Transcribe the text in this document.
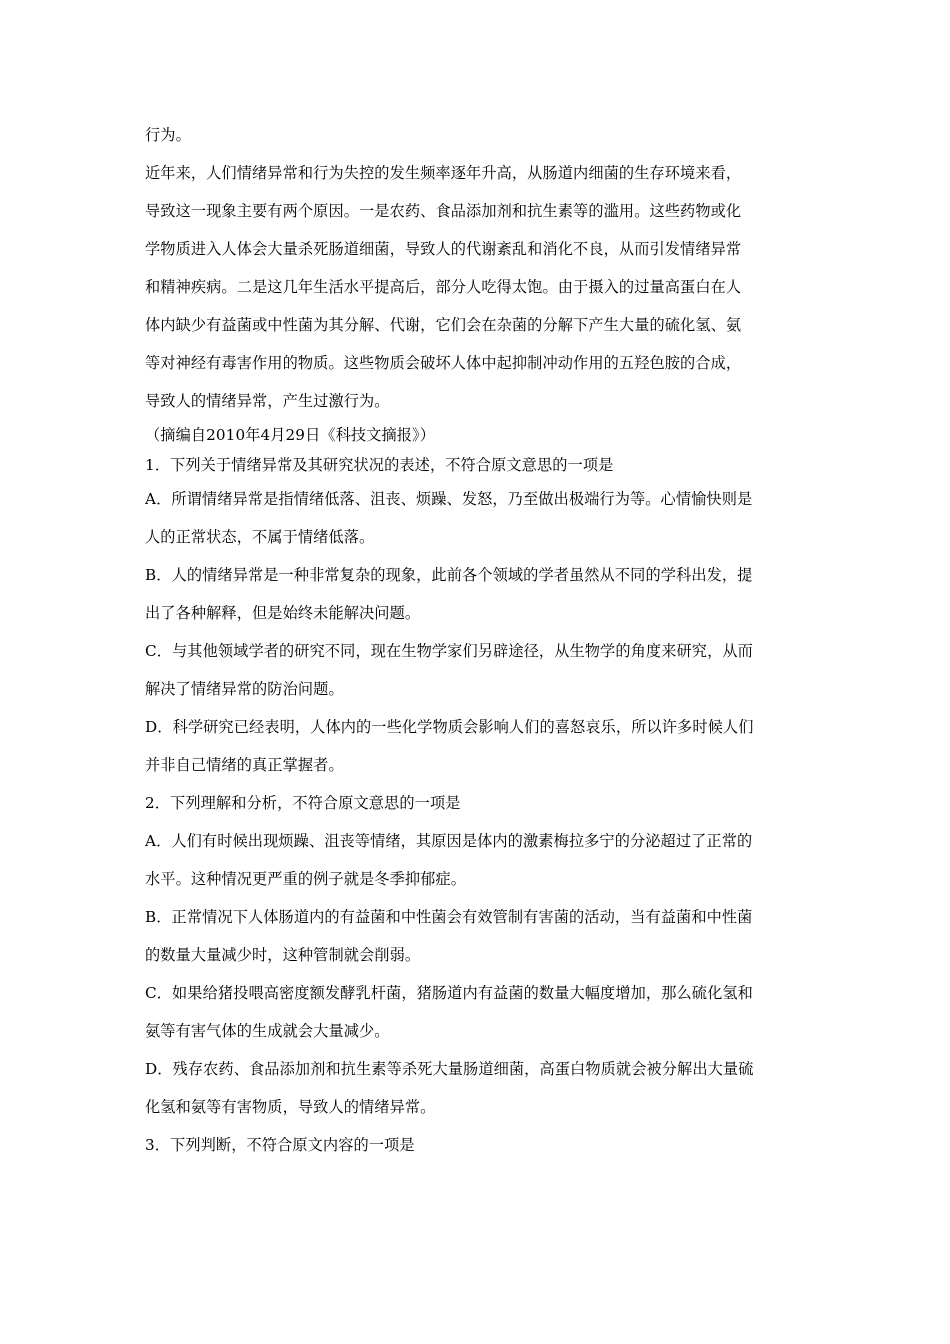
行为。
近年来，人们情绪异常和行为失控的发生频率逐年升高，从肠道内细菌的生存环境来看，
导致这一现象主要有两个原因。一是农药、食品添加剂和抗生素等的滥用。这些药物或化
学物质进入人体会大量杀死肠道细菌，导致人的代谢紊乱和消化不良，从而引发情绪异常
和精神疾病。二是这几年生活水平提高后，部分人吃得太饱。由于摄入的过量高蛋白在人
体内缺少有益菌或中性菌为其分解、代谢，它们会在杂菌的分解下产生大量的硫化氢、氨
等对神经有毒害作用的物质。这些物质会破坏人体中起抑制冲动作用的五羟色胺的合成，
导致人的情绪异常，产生过激行为。
（摘编自2010年4月29日《科技文摘报》）
1．下列关于情绪异常及其研究状况的表述，不符合原文意思的一项是
A．所谓情绪异常是指情绪低落、沮丧、烦躁、发怒，乃至做出极端行为等。心情愉快则是
人的正常状态，不属于情绪低落。
B．人的情绪异常是一种非常复杂的现象，此前各个领域的学者虽然从不同的学科出发，提
出了各种解释，但是始终未能解决问题。
C．与其他领域学者的研究不同，现在生物学家们另辟途径，从生物学的角度来研究，从而
解决了情绪异常的防治问题。
D．科学研究已经表明，人体内的一些化学物质会影响人们的喜怒哀乐，所以许多时候人们
并非自己情绪的真正掌握者。
2．下列理解和分析，不符合原文意思的一项是
A．人们有时候出现烦躁、沮丧等情绪，其原因是体内的激素梅拉多宁的分泌超过了正常的
水平。这种情况更严重的例子就是冬季抑郁症。
B．正常情况下人体肠道内的有益菌和中性菌会有效管制有害菌的活动，当有益菌和中性菌
的数量大量减少时，这种管制就会削弱。
C．如果给猪投喂高密度额发酵乳杆菌，猪肠道内有益菌的数量大幅度增加，那么硫化氢和
氨等有害气体的生成就会大量减少。
D．残存农药、食品添加剂和抗生素等杀死大量肠道细菌，高蛋白物质就会被分解出大量硫
化氢和氨等有害物质，导致人的情绪异常。
3．下列判断，不符合原文内容的一项是
